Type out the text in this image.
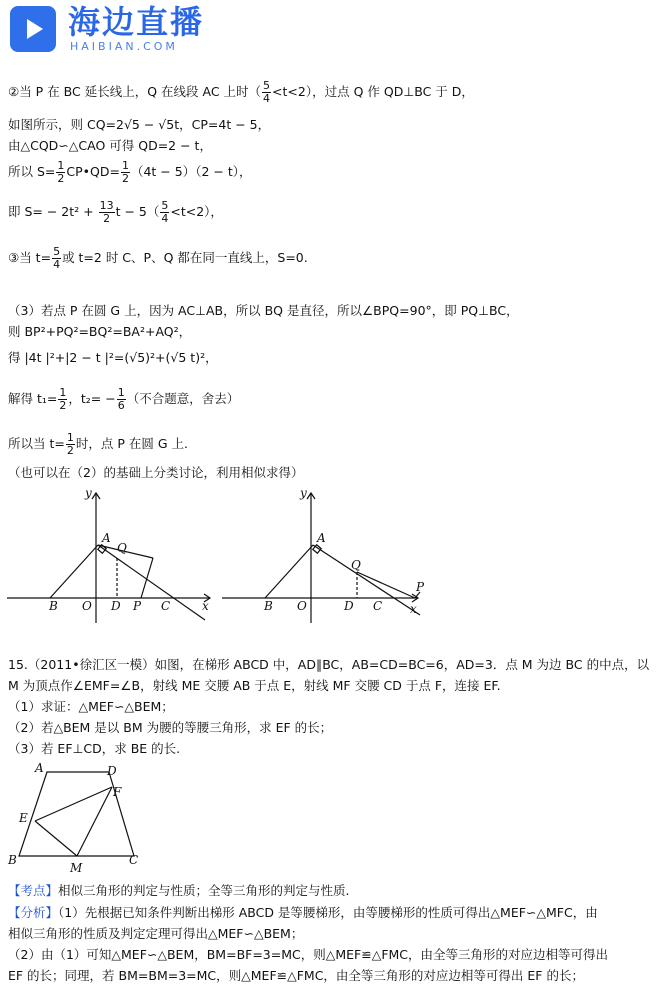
海边直播
HAIBIAN.COM
②当 P 在 BC 延长线上，Q 在线段 AC 上时（ $\frac{5}{4} <t<2$），过点 Q 作 QD⊥BC 于 D，
如图所示，则 CQ=2√5 − √5t，CP=4t − 5，
由△CQD∽△CAO 可得 QD=2 − t，
所以 $S= \frac{1}{2}$ CP•QD= $\frac{1}{2} (4t - 5)(2 - t)$，
即 $S= - 2t^2 + \frac{13}{2}$ $t - 5( \frac{5}{4} <t<2)$，
③当 $t= \frac{5}{4}$ 或 t=2 时 C、P、Q 都在同一直线上，S=0.
（3）若点 P 在圆 G 上，因为 AC⊥AB，所以 BQ 是直径，所以∠BPQ=90°，即 PQ⊥BC，
则 BP²+PQ²=BQ²=BA²+AQ²，
得 |4t |²+|2 − t |²=(√5)²+(√5 t)²，
解得 $t_1= \frac{1}{2}$ ，$t_2= - \frac{1}{6}$ （不合题意，舍去）
所以当 $t= \frac{1}{2}$ 时，点 P 在圆 G 上.
（也可以在（2）的基础上分类讨论，利用相似求得）
y
A
Q
B O D P C	x
y
A
Q
P
B O	D C x
15.（2011•徐汇区一模）如图，在梯形 ABCD 中，AD∥BC，AB=CD=BC=6，AD=3．点 M 为边 BC 的中点，以
M 为顶点作∠EMF=∠B，射线 ME 交腰 AB 于点 E，射线 MF 交腰 CD 于点 F，连接 EF.
（1）求证：△MEF∽△BEM；
（2）若△BEM 是以 BM 为腰的等腰三角形，求 EF 的长；
（3）若 EF⊥CD，求 BE 的长.
A	D
F
E
B
M
C
【考点】相似三角形的判定与性质；全等三角形的判定与性质.
【分析】（1）先根据已知条件判断出梯形 ABCD 是等腰梯形，由等腰梯形的性质可得出△MEF∽△MFC，由
相似三角形的性质及判定定理可得出△MEF∽△BEM；
（2）由（1）可知△MEF∽△BEM，BM=BF=3=MC，则△MEF≌△FMC，由全等三角形的对应边相等可得出
EF 的长；同理，若 BM=BM=3=MC，则△MEF≌△FMC，由全等三角形的对应边相等可得出 EF 的长；
